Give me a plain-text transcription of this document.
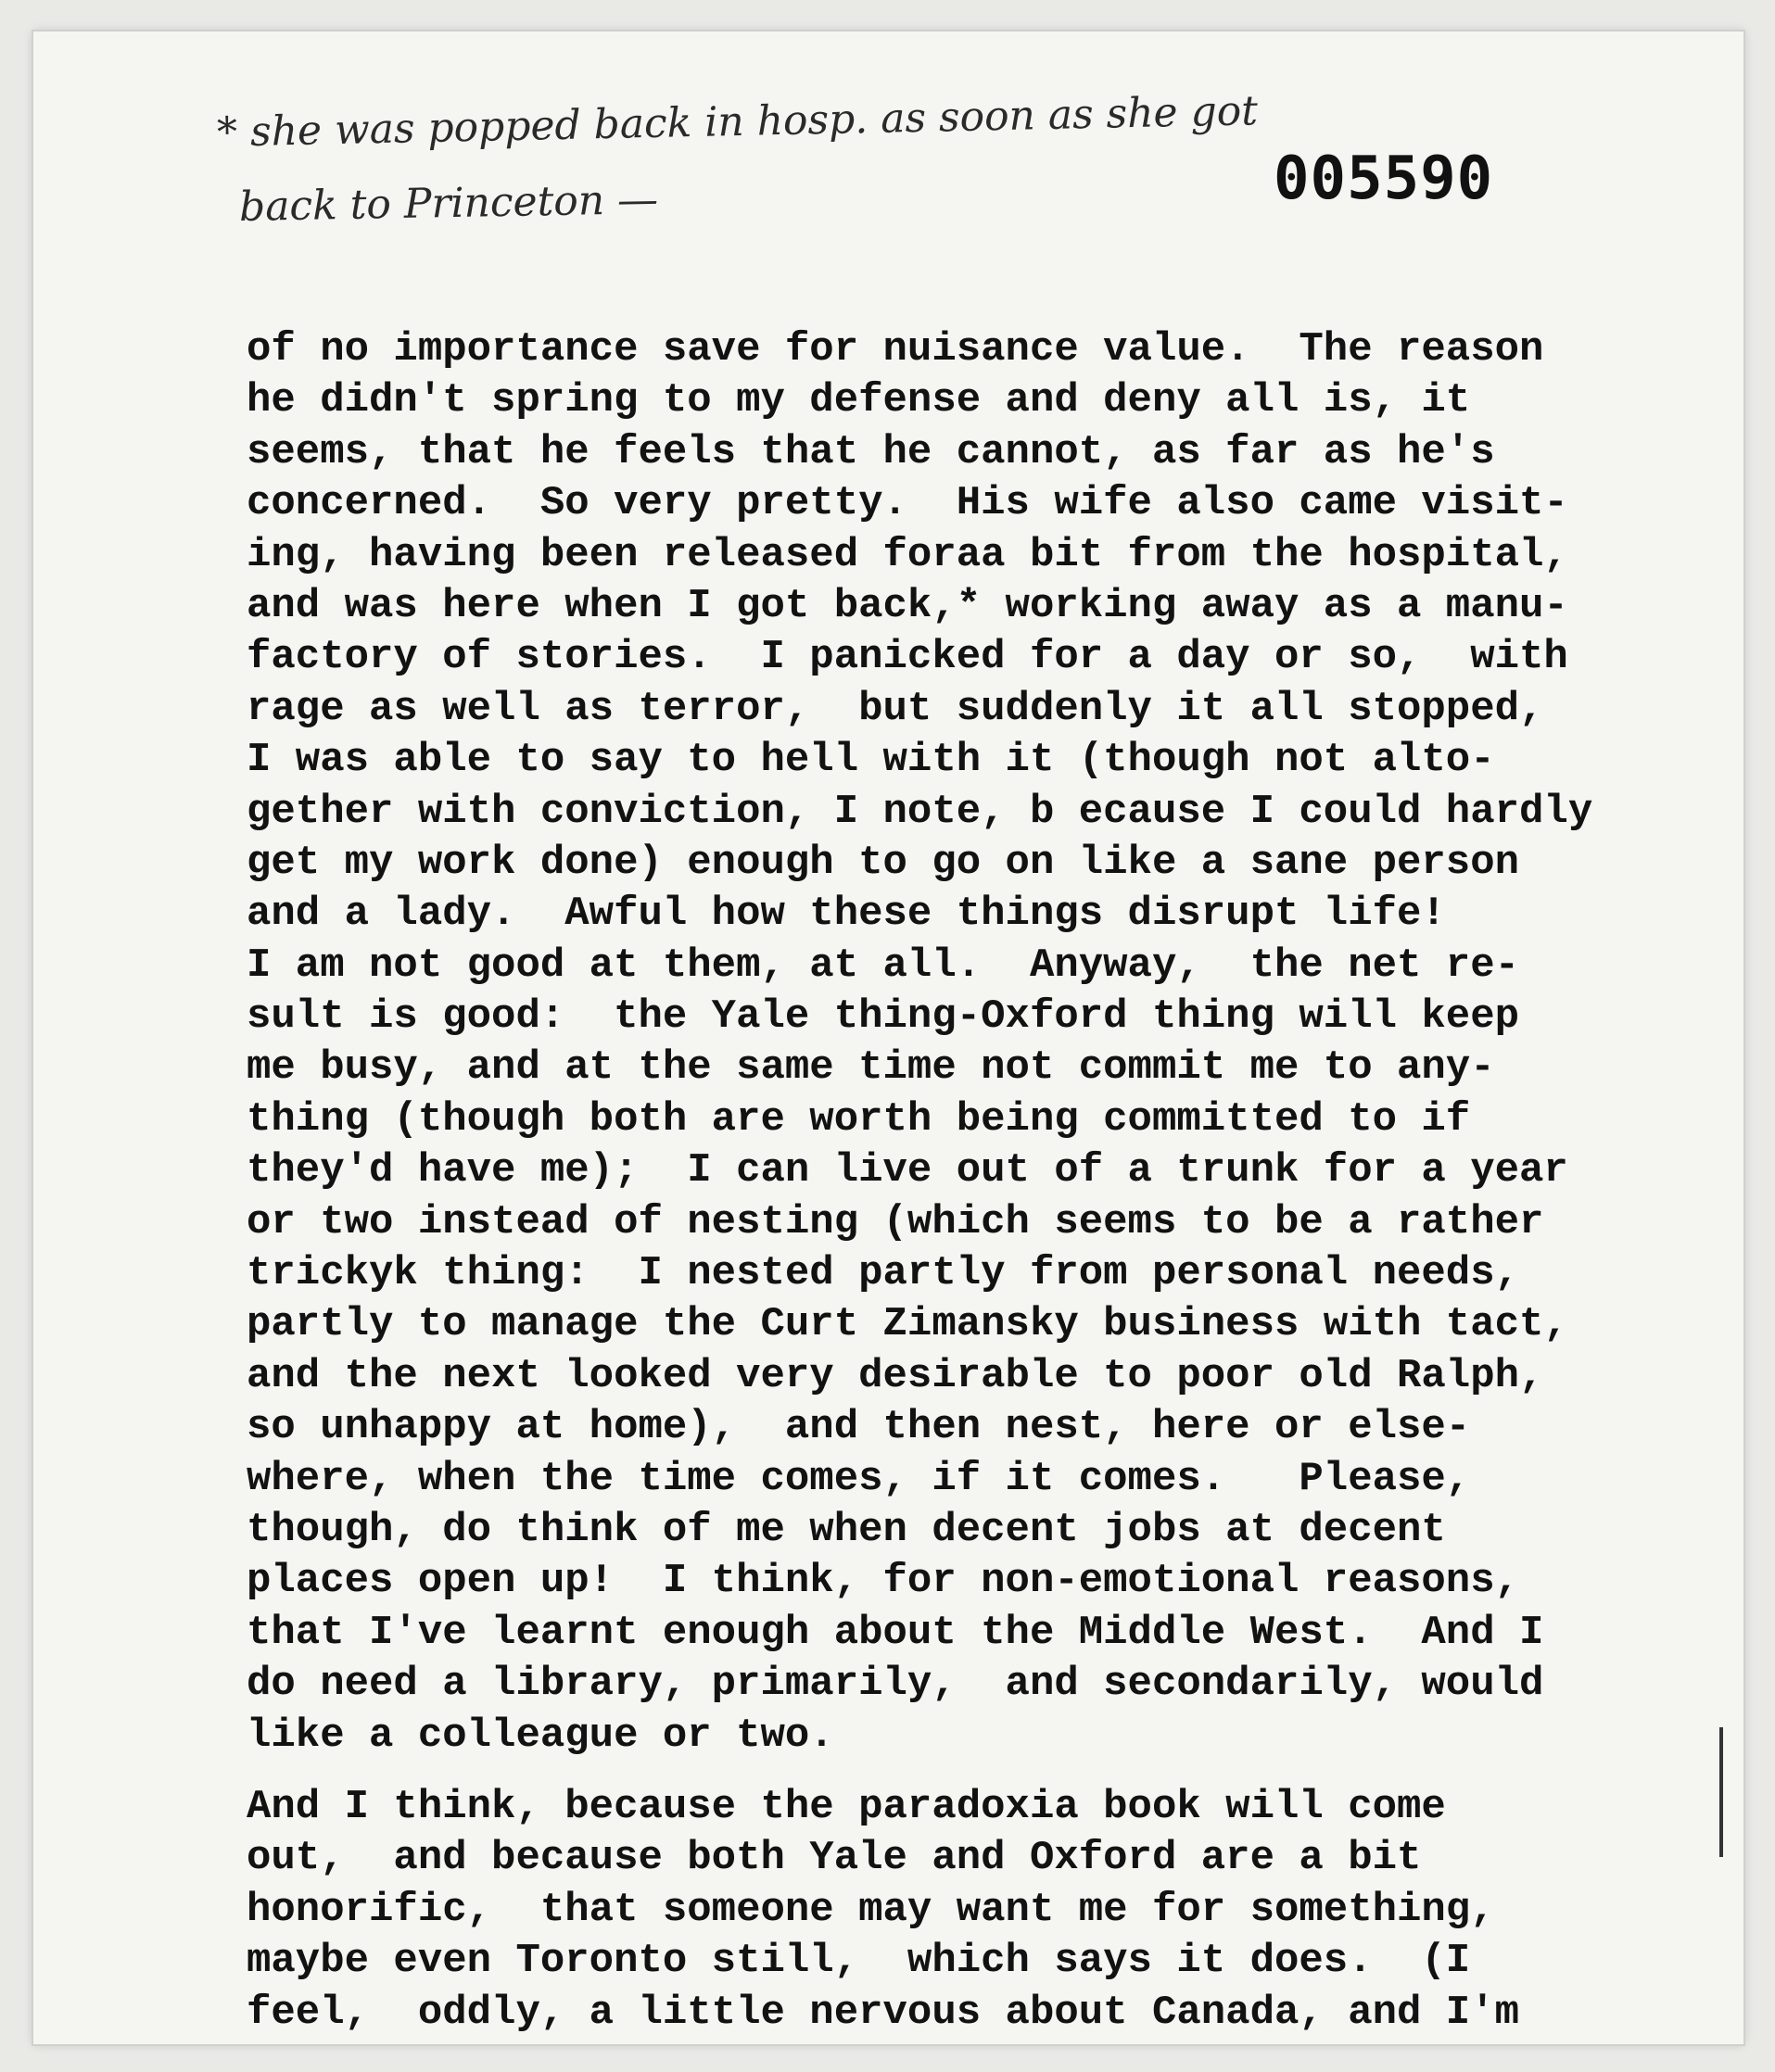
* she was popped back in hosp. as soon as she got
back to Princeton —	005590
of no importance save for nuisance value.  The reason
he didn't spring to my defense and deny all is, it
seems, that he feels that he cannot, as far as he's
concerned.  So very pretty.  His wife also came visit-
ing, having been released foraa bit from the hospital,
and was here when I got back,* working away as a manu-
factory of stories.  I panicked for a day or so,  with
rage as well as terror,  but suddenly it all stopped,
I was able to say to hell with it (though not alto-
gether with conviction, I note, b ecause I could hardly
get my work done) enough to go on like a sane person
and a lady.  Awful how these things disrupt life!
I am not good at them, at all.  Anyway,  the net re-
sult is good:  the Yale thing-Oxford thing will keep
me busy, and at the same time not commit me to any-
thing (though both are worth being committed to if
they'd have me);  I can live out of a trunk for a year
or two instead of nesting (which seems to be a rather
trickyk thing:  I nested partly from personal needs,
partly to manage the Curt Zimansky business with tact,
and the next looked very desirable to poor old Ralph,
so unhappy at home),  and then nest, here or else-
where, when the time comes, if it comes.   Please,
though, do think of me when decent jobs at decent
places open up!  I think, for non-emotional reasons,
that I've learnt enough about the Middle West.  And I
do need a library, primarily,  and secondarily, would
like a colleague or two.
And I think, because the paradoxia book will come
out,  and because both Yale and Oxford are a bit
honorific,  that someone may want me for something,
maybe even Toronto still,  which says it does.  (I
feel,  oddly, a little nervous about Canada, and I'm
